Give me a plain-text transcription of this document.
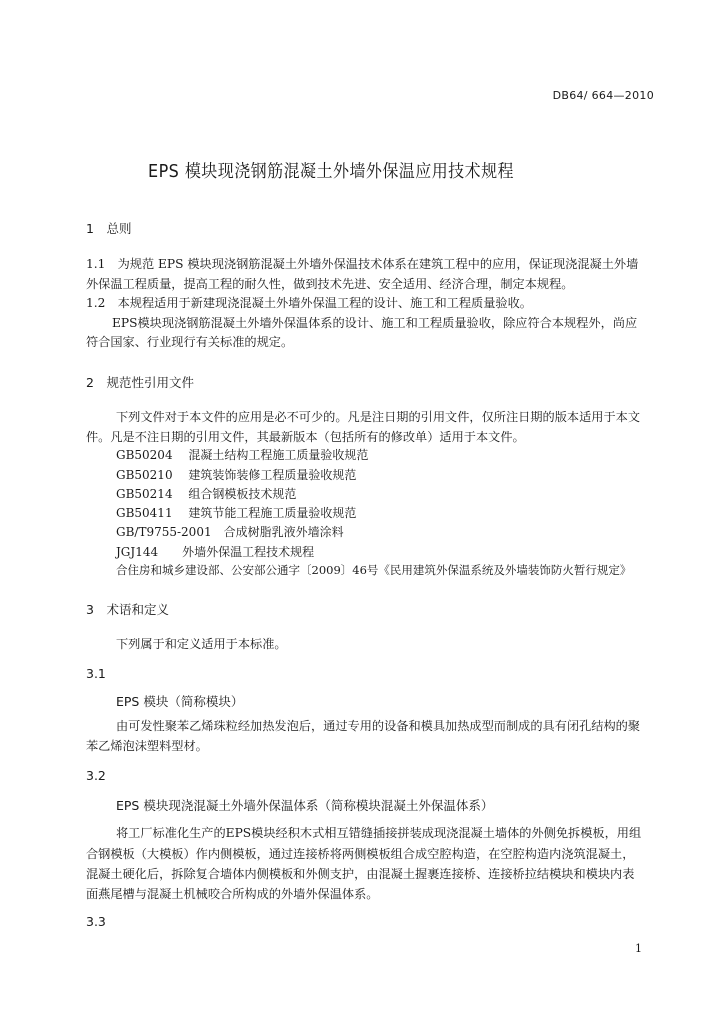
DB64/ 664—2010
EPS 模块现浇钢筋混凝土外墙外保温应用技术规程
1　总则
1.1　为规范 EPS 模块现浇钢筋混凝土外墙外保温技术体系在建筑工程中的应用，保证现浇混凝土外墙
外保温工程质量，提高工程的耐久性，做到技术先进、安全适用、经济合理，制定本规程。
1.2　本规程适用于新建现浇混凝土外墙外保温工程的设计、施工和工程质量验收。
EPS模块现浇钢筋混凝土外墙外保温体系的设计、施工和工程质量验收，除应符合本规程外，尚应
符合国家、行业现行有关标准的规定。
2　规范性引用文件
下列文件对于本文件的应用是必不可少的。凡是注日期的引用文件，仅所注日期的版本适用于本文
件。凡是不注日期的引用文件，其最新版本（包括所有的修改单）适用于本文件。
GB50204　 混凝土结构工程施工质量验收规范
GB50210　 建筑装饰装修工程质量验收规范
GB50214　 组合钢模板技术规范
GB50411　 建筑节能工程施工质量验收规范
GB/T9755-2001　合成树脂乳液外墙涂料
JGJ144　　外墙外保温工程技术规程
合住房和城乡建设部、公安部公通字〔2009〕46号《民用建筑外保温系统及外墙装饰防火暂行规定》
3　术语和定义
下列属于和定义适用于本标准。
3.1
EPS 模块（简称模块）
由可发性聚苯乙烯珠粒经加热发泡后，通过专用的设备和模具加热成型而制成的具有闭孔结构的聚
苯乙烯泡沫塑料型材。
3.2
EPS 模块现浇混凝土外墙外保温体系（简称模块混凝土外保温体系）
将工厂标准化生产的EPS模块经积木式相互错缝插接拼装成现浇混凝土墙体的外侧免拆模板，用组
合钢模板（大模板）作内侧模板，通过连接桥将两侧模板组合成空腔构造，在空腔构造内浇筑混凝土，
混凝土硬化后，拆除复合墙体内侧模板和外侧支护，由混凝土握裹连接桥、连接桥拉结模块和模块内表
面燕尾槽与混凝土机械咬合所构成的外墙外保温体系。
3.3
1
